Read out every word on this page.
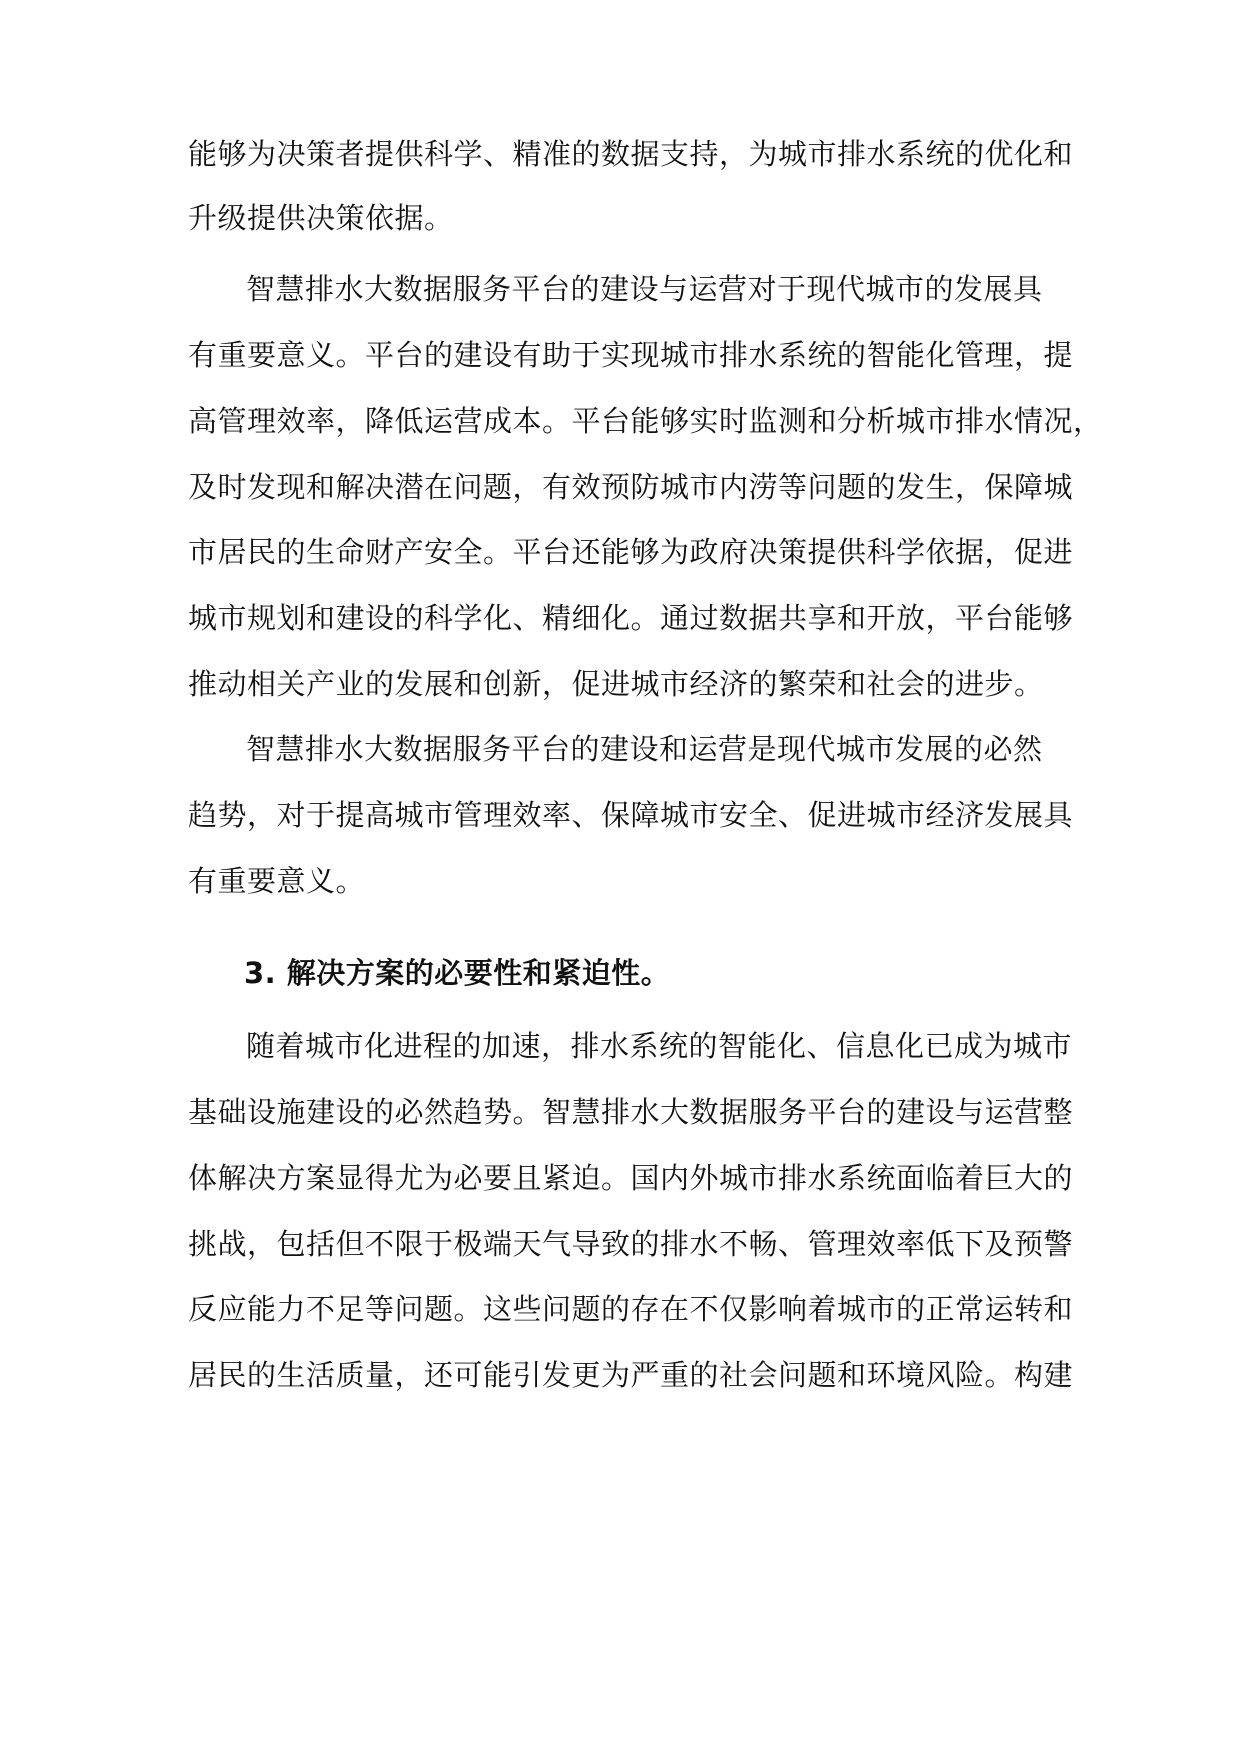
能够为决策者提供科学、精准的数据支持，为城市排水系统的优化和
升级提供决策依据。
智慧排水大数据服务平台的建设与运营对于现代城市的发展具
有重要意义。平台的建设有助于实现城市排水系统的智能化管理，提
高管理效率，降低运营成本。平台能够实时监测和分析城市排水情况，
及时发现和解决潜在问题，有效预防城市内涝等问题的发生，保障城
市居民的生命财产安全。平台还能够为政府决策提供科学依据，促进
城市规划和建设的科学化、精细化。通过数据共享和开放，平台能够
推动相关产业的发展和创新，促进城市经济的繁荣和社会的进步。
智慧排水大数据服务平台的建设和运营是现代城市发展的必然
趋势，对于提高城市管理效率、保障城市安全、促进城市经济发展具
有重要意义。
3. 解决方案的必要性和紧迫性。
随着城市化进程的加速，排水系统的智能化、信息化已成为城市
基础设施建设的必然趋势。智慧排水大数据服务平台的建设与运营整
体解决方案显得尤为必要且紧迫。国内外城市排水系统面临着巨大的
挑战，包括但不限于极端天气导致的排水不畅、管理效率低下及预警
反应能力不足等问题。这些问题的存在不仅影响着城市的正常运转和
居民的生活质量，还可能引发更为严重的社会问题和环境风险。构建
